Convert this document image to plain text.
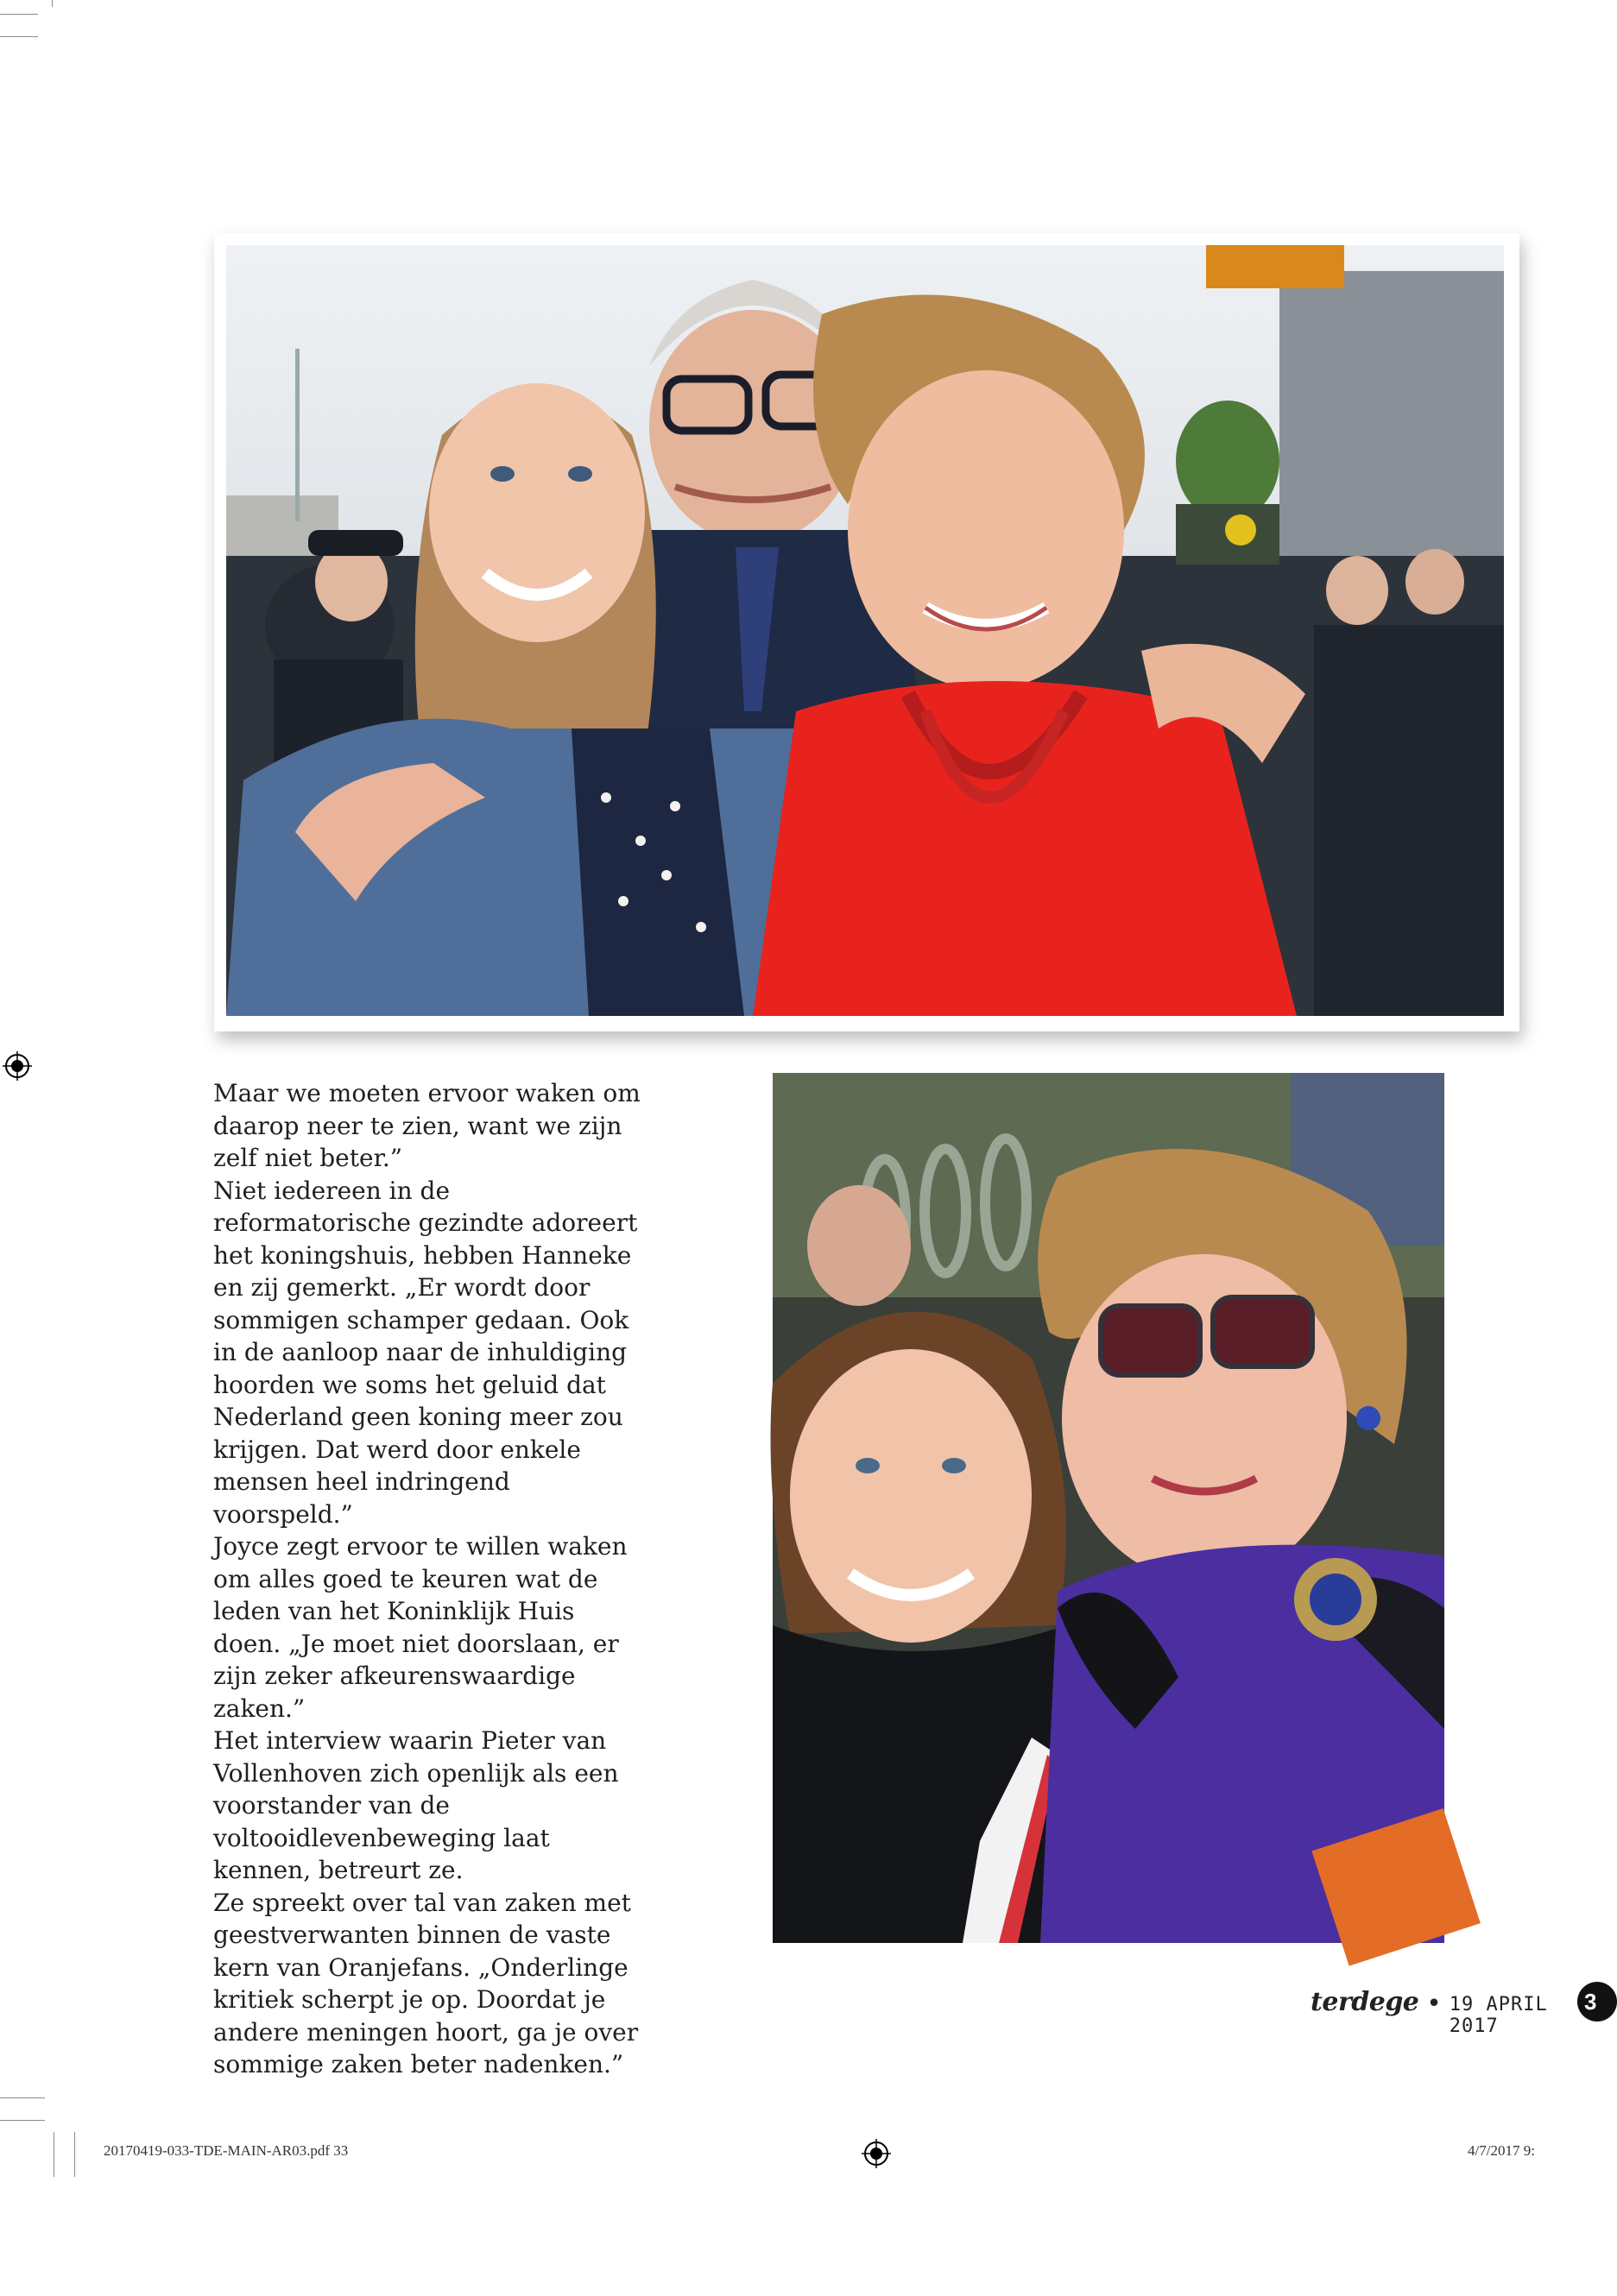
Maar we moeten ervoor waken om daarop neer te zien, want we zijn zelf niet beter.”

Niet iedereen in de reformatorische gezindte adoreert het koningshuis, hebben Hanneke en zij gemerkt. „Er wordt door sommigen schamper gedaan. Ook in de aanloop naar de inhuldiging hoorden we soms het geluid dat Nederland geen koning meer zou krijgen. Dat werd door enkele mensen heel indringend voorspeld.”

Joyce zegt ervoor te willen waken om alles goed te keuren wat de leden van het Koninklijk Huis doen. „Je moet niet doorslaan, er zijn zeker afkeurenswaardige zaken.”

Het interview waarin Pieter van Vollenhoven zich openlijk als een voorstander van de voltooidlevenbeweging laat kennen, betreurt ze.

Ze spreekt over tal van zaken met geestverwanten binnen de vaste kern van Oranjefans. „Onderlinge kritiek scherpt je op. Doordat je andere meningen hoort, ga je over sommige zaken beter nadenken.”

terdege • 19 APRIL 2017
3
20170419-033-TDE-MAIN-AR03.pdf 33	4/7/2017 9:
